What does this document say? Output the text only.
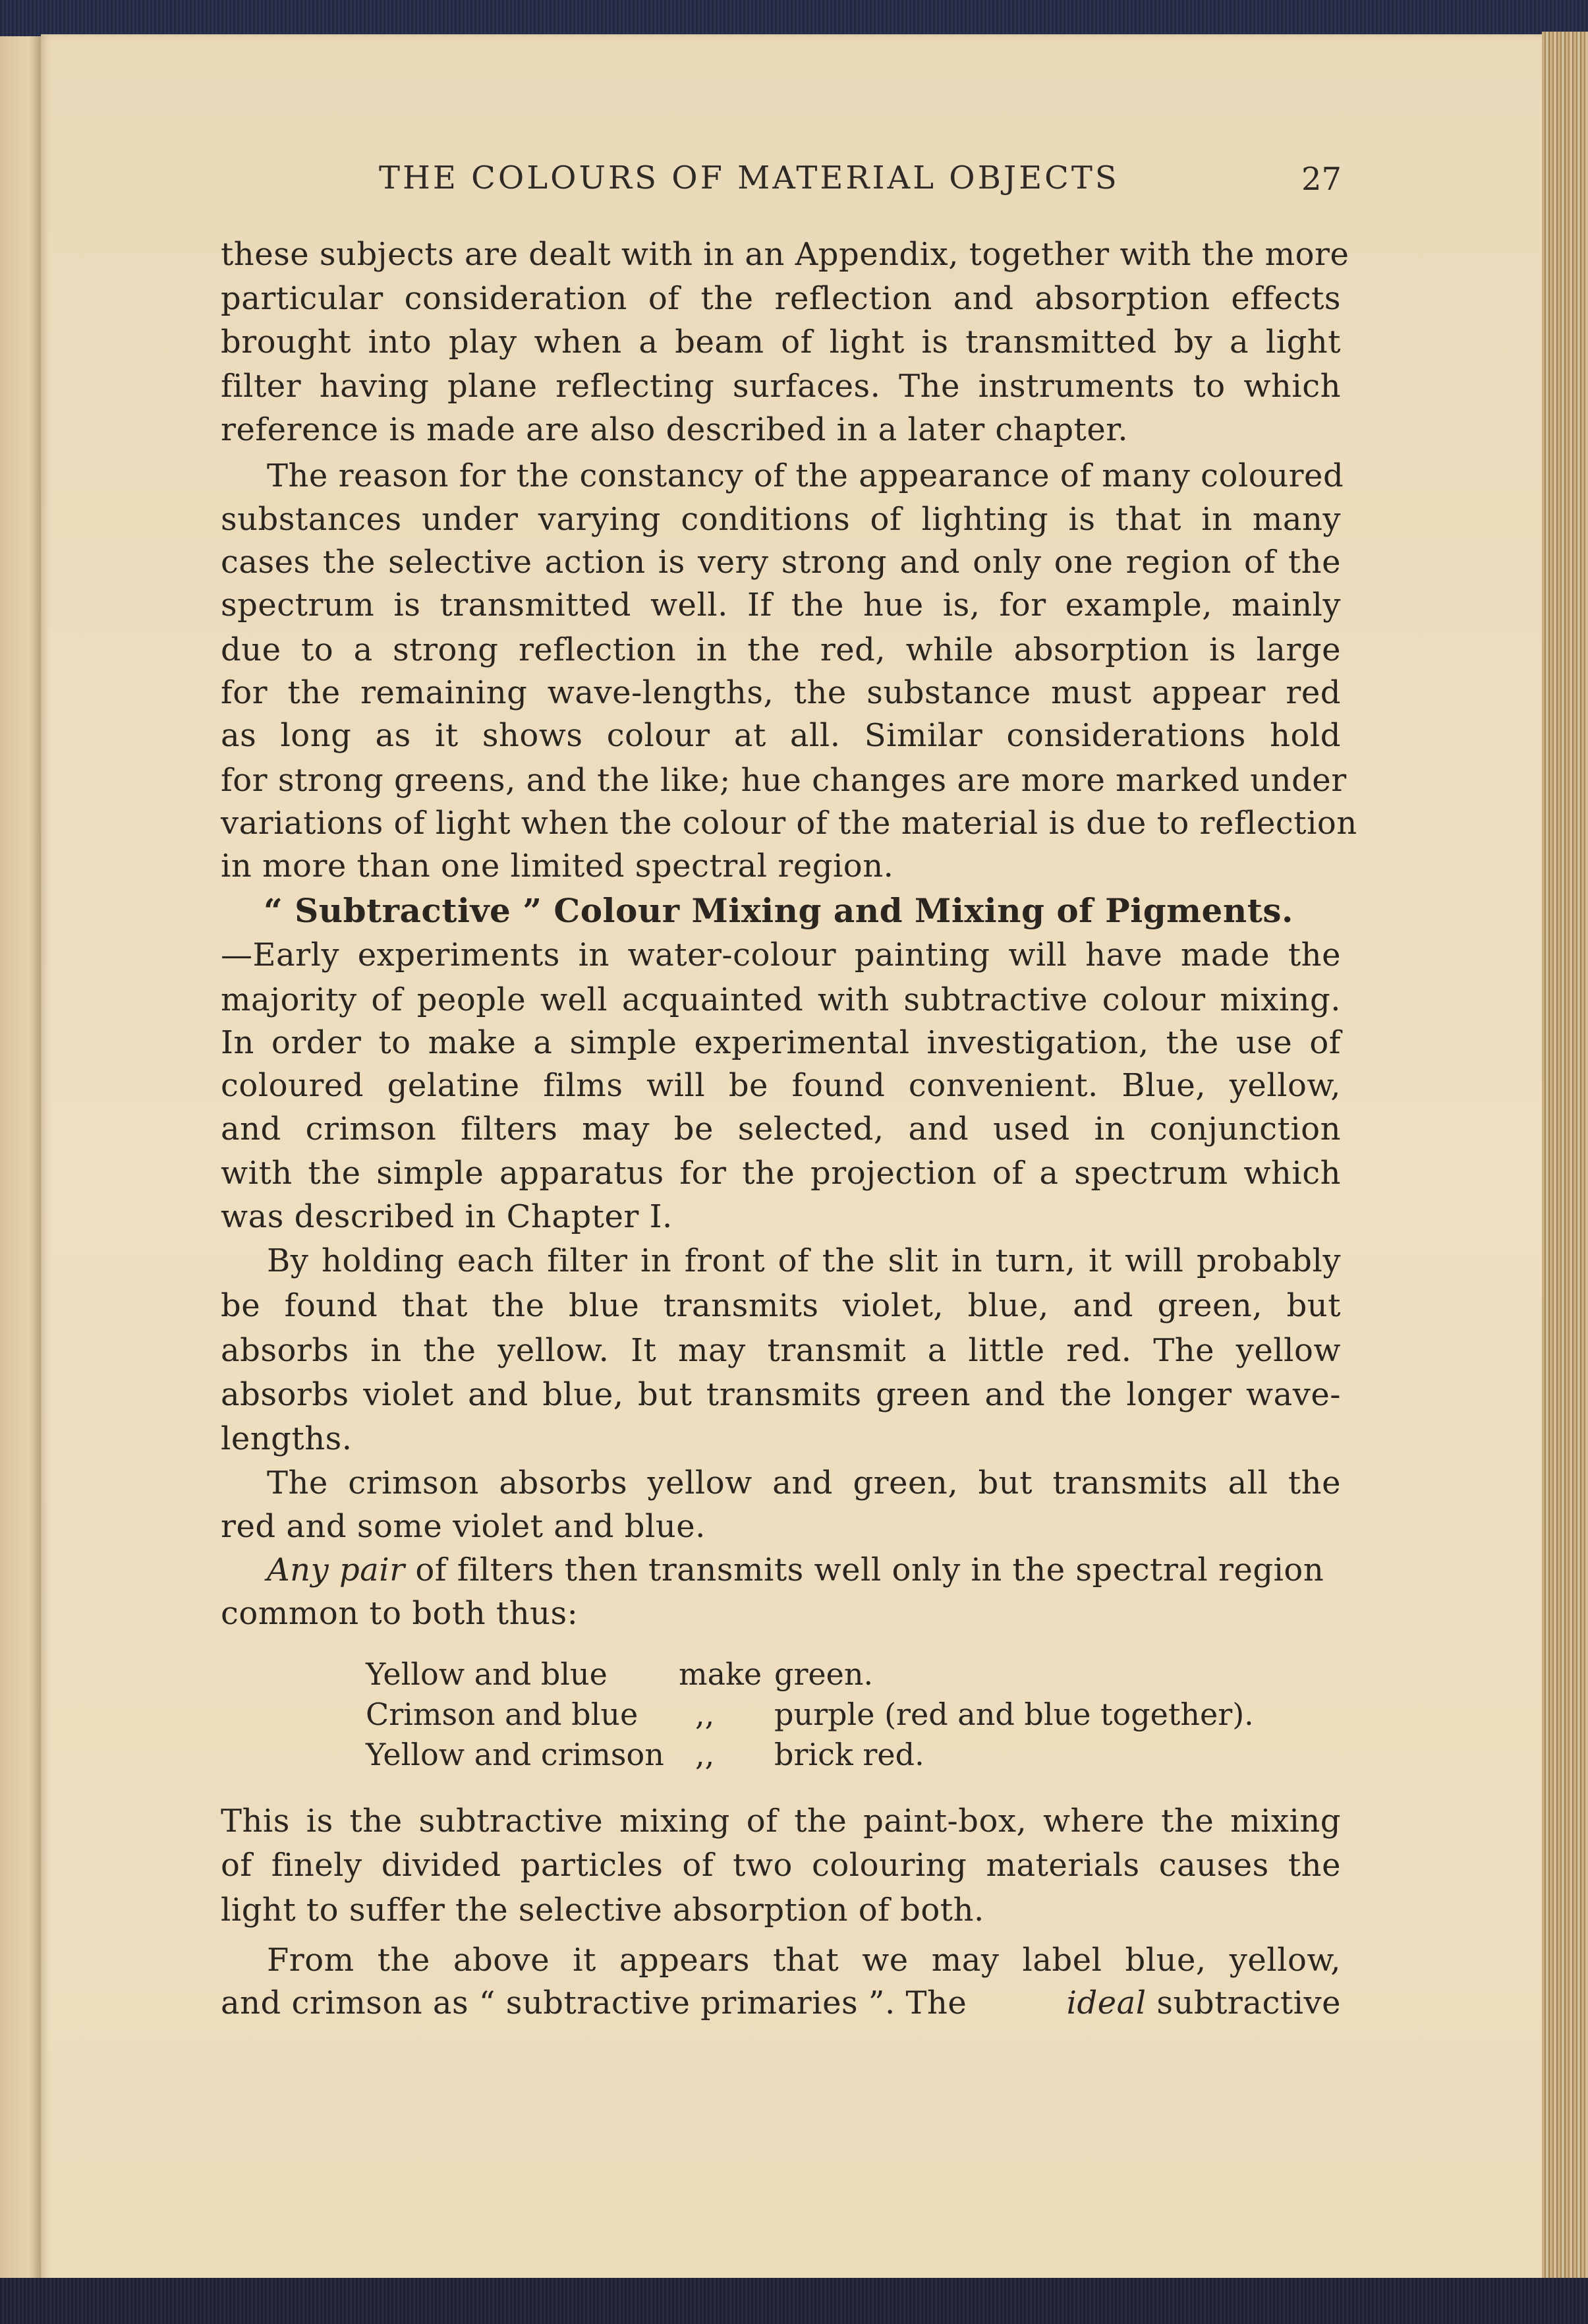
THE COLOURS OF MATERIAL OBJECTS	27
these subjects are dealt with in an Appendix, together with the more
particular consideration of the reflection and absorption effects
brought into play when a beam of light is transmitted by a light
filter having plane reflecting surfaces. The instruments to which
reference is made are also described in a later chapter.
The reason for the constancy of the appearance of many coloured
substances under varying conditions of lighting is that in many
cases the selective action is very strong and only one region of the
spectrum is transmitted well. If the hue is, for example, mainly
due to a strong reflection in the red, while absorption is large
for the remaining wave-lengths, the substance must appear red
as long as it shows colour at all. Similar considerations hold
for strong greens, and the like; hue changes are more marked under
variations of light when the colour of the material is due to reflection
in more than one limited spectral region.
“ Subtractive ” Colour Mixing and Mixing of Pigments.
—Early experiments in water-colour painting will have made the
majority of people well acquainted with subtractive colour mixing.
In order to make a simple experimental investigation, the use of
coloured gelatine films will be found convenient. Blue, yellow,
and crimson filters may be selected, and used in conjunction
with the simple apparatus for the projection of a spectrum which
was described in Chapter I.
By holding each filter in front of the slit in turn, it will probably
be found that the blue transmits violet, blue, and green, but
absorbs in the yellow. It may transmit a little red. The yellow
absorbs violet and blue, but transmits green and the longer wave-
lengths.
The crimson absorbs yellow and green, but transmits all the
red and some violet and blue.
Any pair of filters then transmits well only in the spectral region
common to both thus:
Yellow and blue make green.
Crimson and blue ,, purple (red and blue together).
Yellow and crimson ,, brick red.
This is the subtractive mixing of the paint-box, where the mixing
of finely divided particles of two colouring materials causes the
light to suffer the selective absorption of both.
From the above it appears that we may label blue, yellow,
and crimson as “ subtractive primaries ”. The	ideal subtractive
